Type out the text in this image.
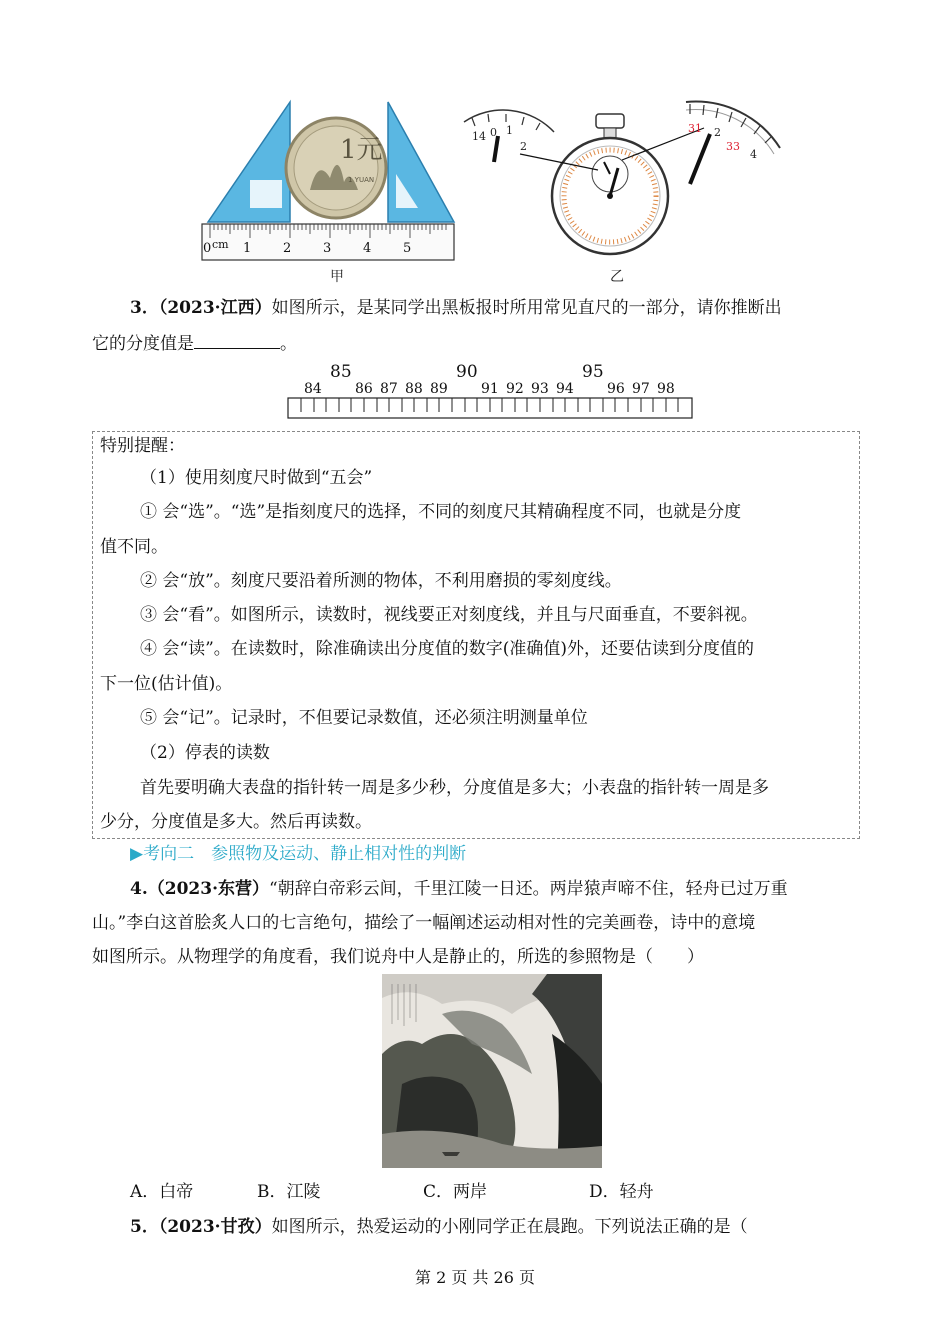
1元
1 YUAN
0 cm 1 2 3 4 5
甲
14 0 1
2
31 2
33
4
乙
3．（2023·江西）如图所示，是某同学出黑板报时所用常见直尺的一部分，请你推断出
它的分度值是	。
85	90	95
84 86 87 88 89 91 92 93 94 96 97 98
特别提醒：
（1）使用刻度尺时做到“五会”
① 会“选”。“选”是指刻度尺的选择，不同的刻度尺其精确程度不同，也就是分度
值不同。
② 会“放”。刻度尺要沿着所测的物体，不利用磨损的零刻度线。
③ 会“看”。如图所示，读数时，视线要正对刻度线，并且与尺面垂直，不要斜视。
④ 会“读”。在读数时，除准确读出分度值的数字(准确值)外，还要估读到分度值的
下一位(估计值)。
⑤ 会“记”。记录时，不但要记录数值，还必须注明测量单位
（2）停表的读数
首先要明确大表盘的指针转一周是多少秒，分度值是多大；小表盘的指针转一周是多
少分，分度值是多大。然后再读数。
▶考向二　参照物及运动、静止相对性的判断
4.（2023·东营）“朝辞白帝彩云间，千里江陵一日还。两岸猿声啼不住，轻舟已过万重
山。”李白这首脍炙人口的七言绝句，描绘了一幅阐述运动相对性的完美画卷，诗中的意境
如图所示。从物理学的角度看，我们说舟中人是静止的，所选的参照物是（　　）
A．白帝	B．江陵	C．两岸	D．轻舟
5．（2023·甘孜）如图所示，热爱运动的小刚同学正在晨跑。下列说法正确的是（
第 2 页 共 26 页
